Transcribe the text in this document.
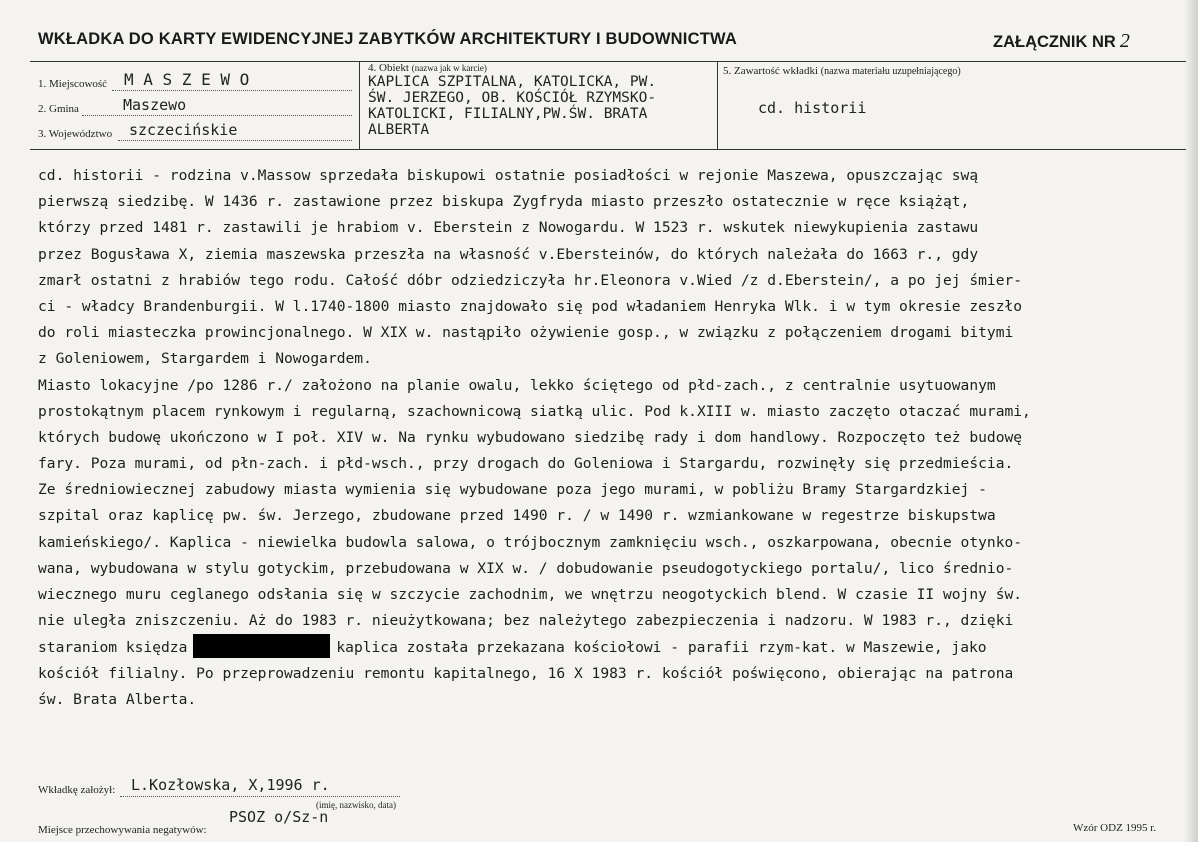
WKŁADKA DO KARTY EWIDENCYJNEJ ZABYTKÓW ARCHITEKTURY I BUDOWNICTWA	ZAŁĄCZNIK NR 2
1. Miejscowość M A S Z E W O
2. Gmina	Maszewo
3. Województwo szczecińskie
4. Obiekt (nazwa jak w karcie)
KAPLICA SZPITALNA, KATOLICKA, PW.
ŚW. JERZEGO, OB. KOŚCIÓŁ RZYMSKO-
KATOLICKI, FILIALNY,PW.ŚW. BRATA
ALBERTA
5. Zawartość wkładki (nazwa materiału uzupełniającego)
cd. historii
cd. historii - rodzina v.Massow sprzedała biskupowi ostatnie posiadłości w rejonie Maszewa, opuszczając swą
pierwszą siedzibę. W 1436 r. zastawione przez biskupa Zygfryda miasto przeszło ostatecznie w ręce książąt,
którzy przed 1481 r. zastawili je hrabiom v. Eberstein z Nowogardu. W 1523 r. wskutek niewykupienia zastawu
przez Bogusława X, ziemia maszewska przeszła na własność v.Ebersteinów, do których należała do 1663 r., gdy
zmarł ostatni z hrabiów tego rodu. Całość dóbr odziedziczyła hr.Eleonora v.Wied /z d.Eberstein/, a po jej śmier-
ci - władcy Brandenburgii. W l.1740-1800 miasto znajdowało się pod władaniem Henryka Wlk. i w tym okresie zeszło
do roli miasteczka prowincjonalnego. W XIX w. nastąpiło ożywienie gosp., w związku z połączeniem drogami bitymi
z Goleniowem, Stargardem i Nowogardem.
Miasto lokacyjne /po 1286 r./ założono na planie owalu, lekko ściętego od płd-zach., z centralnie usytuowanym
prostokątnym placem rynkowym i regularną, szachownicową siatką ulic. Pod k.XIII w. miasto zaczęto otaczać murami,
których budowę ukończono w I poł. XIV w. Na rynku wybudowano siedzibę rady i dom handlowy. Rozpoczęto też budowę
fary. Poza murami, od płn-zach. i płd-wsch., przy drogach do Goleniowa i Stargardu, rozwinęły się przedmieścia.
Ze średniowiecznej zabudowy miasta wymienia się wybudowane poza jego murami, w pobliżu Bramy Stargardzkiej -
szpital oraz kaplicę pw. św. Jerzego, zbudowane przed 1490 r. / w 1490 r. wzmiankowane w regestrze biskupstwa
kamieńskiego/. Kaplica - niewielka budowla salowa, o trójbocznym zamknięciu wsch., oszkarpowana, obecnie otynko-
wana, wybudowana w stylu gotyckim, przebudowana w XIX w. / dobudowanie pseudogotyckiego portalu/, lico średnio-
wiecznego muru ceglanego odsłania się w szczycie zachodnim, we wnętrzu neogotyckich blend. W czasie II wojny św.
nie uległa zniszczeniu. Aż do 1983 r. nieużytkowana; bez należytego zabezpieczenia i nadzoru. W 1983 r., dzięki
staraniom księdza	kaplica została przekazana kościołowi - parafii rzym-kat. w Maszewie, jako
kościół filialny. Po przeprowadzeniu remontu kapitalnego, 16 X 1983 r. kościół poświęcono, obierając na patrona
św. Brata Alberta.
Wkładkę założył: L.Kozłowska, X,1996 r.
(imię, nazwisko, data)
Miejsce przechowywania negatywów:
PSOZ o/Sz-n
Wzór ODZ 1995 r.
